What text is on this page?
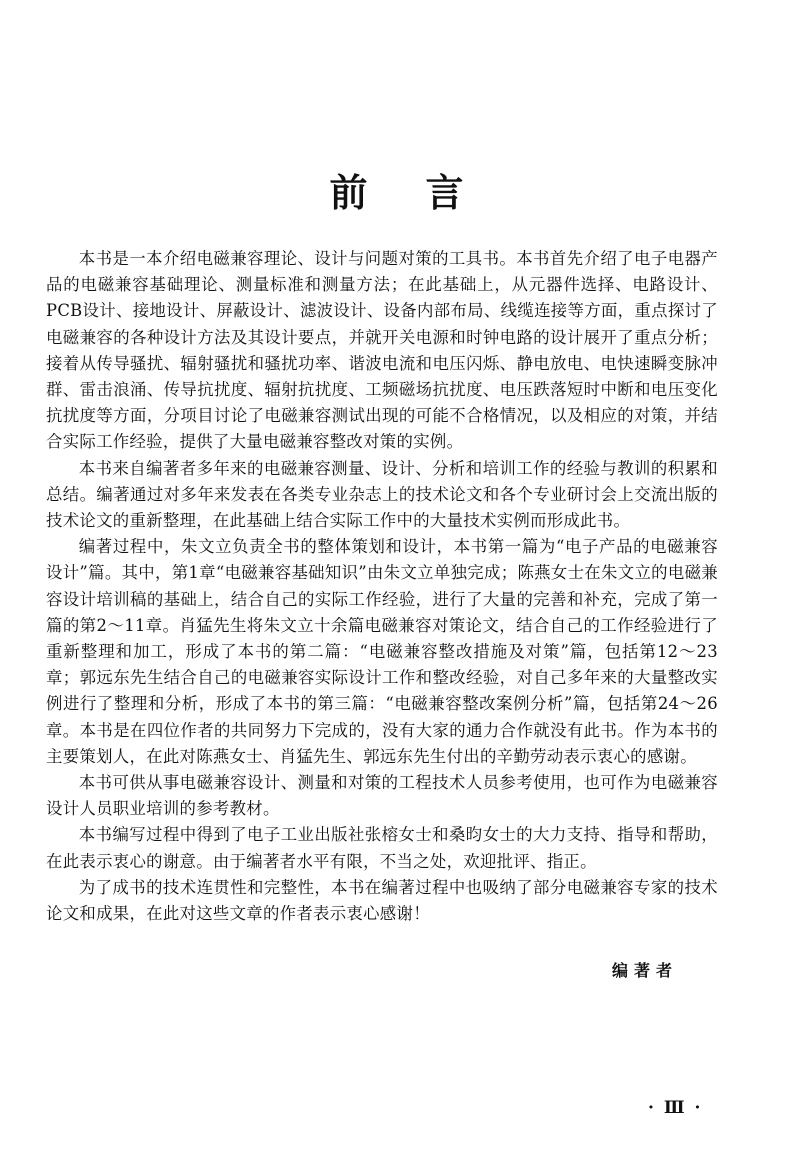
前言

本书是一本介绍电磁兼容理论、设计与问题对策的工具书。本书首先介绍了电子电器产品的电磁兼容基础理论、测量标准和测量方法；在此基础上，从元器件选择、电路设计、PCB设计、接地设计、屏蔽设计、滤波设计、设备内部布局、线缆连接等方面，重点探讨了电磁兼容的各种设计方法及其设计要点，并就开关电源和时钟电路的设计展开了重点分析；接着从传导骚扰、辐射骚扰和骚扰功率、谐波电流和电压闪烁、静电放电、电快速瞬变脉冲群、雷击浪涌、传导抗扰度、辐射抗扰度、工频磁场抗扰度、电压跌落短时中断和电压变化抗扰度等方面，分项目讨论了电磁兼容测试出现的可能不合格情况，以及相应的对策，并结合实际工作经验，提供了大量电磁兼容整改对策的实例。

本书来自编著者多年来的电磁兼容测量、设计、分析和培训工作的经验与教训的积累和总结。编著通过对多年来发表在各类专业杂志上的技术论文和各个专业研讨会上交流出版的技术论文的重新整理，在此基础上结合实际工作中的大量技术实例而形成此书。

编著过程中，朱文立负责全书的整体策划和设计，本书第一篇为“电子产品的电磁兼容设计”篇。其中，第1章“电磁兼容基础知识”由朱文立单独完成；陈燕女士在朱文立的电磁兼容设计培训稿的基础上，结合自己的实际工作经验，进行了大量的完善和补充，完成了第一篇的第2～11章。肖猛先生将朱文立十余篇电磁兼容对策论文，结合自己的工作经验进行了重新整理和加工，形成了本书的第二篇：“电磁兼容整改措施及对策”篇，包括第12～23章；郭远东先生结合自己的电磁兼容实际设计工作和整改经验，对自己多年来的大量整改实例进行了整理和分析，形成了本书的第三篇：“电磁兼容整改案例分析”篇，包括第24～26章。本书是在四位作者的共同努力下完成的，没有大家的通力合作就没有此书。作为本书的主要策划人，在此对陈燕女士、肖猛先生、郭远东先生付出的辛勤劳动表示衷心的感谢。

本书可供从事电磁兼容设计、测量和对策的工程技术人员参考使用，也可作为电磁兼容设计人员职业培训的参考教材。

本书编写过程中得到了电子工业出版社张榕女士和桑昀女士的大力支持、指导和帮助，在此表示衷心的谢意。由于编著者水平有限，不当之处，欢迎批评、指正。

为了成书的技术连贯性和完整性，本书在编著过程中也吸纳了部分电磁兼容专家的技术论文和成果，在此对这些文章的作者表示衷心感谢！

编著者
· Ⅲ ·
